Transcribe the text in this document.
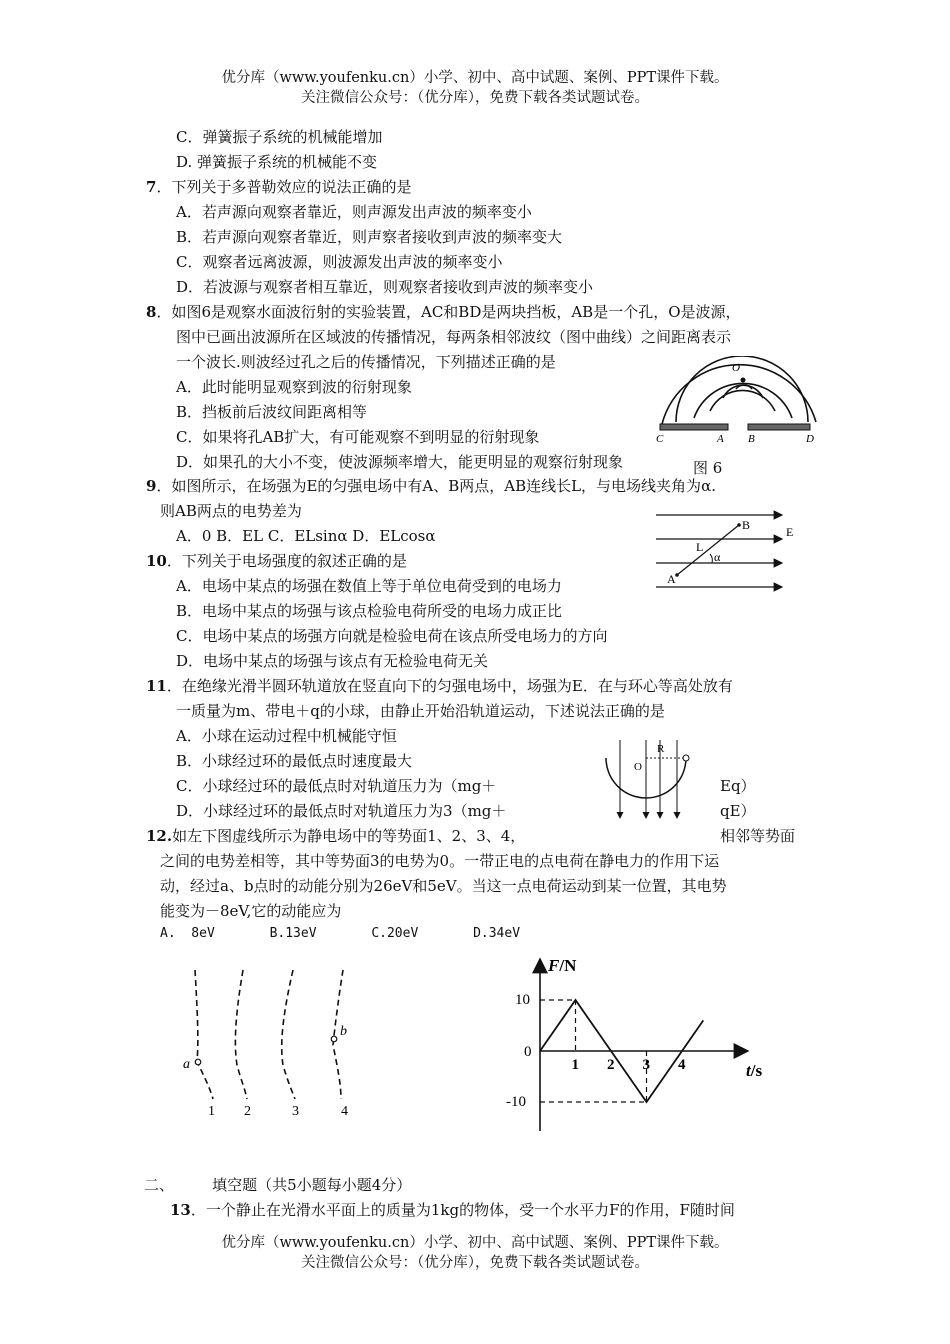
优分库（www.youfenku.cn）小学、初中、高中试题、案例、PPT课件下载。
关注微信公众号：（优分库），免费下载各类试题试卷。
C．弹簧振子系统的机械能增加
D. 弹簧振子系统的机械能不变
7．下列关于多普勒效应的说法正确的是
A．若声源向观察者靠近，则声源发出声波的频率变小
B．若声源向观察者靠近，则声察者接收到声波的频率变大
C．观察者远离波源，则波源发出声波的频率变小
D．若波源与观察者相互靠近，则观察者接收到声波的频率变小
8．如图6是观察水面波衍射的实验装置，AC和BD是两块挡板，AB是一个孔，O是波源，
图中已画出波源所在区域波的传播情况，每两条相邻波纹（图中曲线）之间距离表示
一个波长.则波经过孔之后的传播情况，下列描述正确的是
A．此时能明显观察到波的衍射现象
B．挡板前后波纹间距离相等
C．如果将孔AB扩大，有可能观察不到明显的衍射现象
D．如果孔的大小不变，使波源频率增大，能更明显的观察衍射现象
O
C	A B	D
图 6
9．如图所示，在场强为E的匀强电场中有A、B两点，AB连线长L，与电场线夹角为α.
则AB两点的电势差为
A．0 B．EL C．ELsinα D．ELcosα
B	E
L
α
A
10．下列关于电场强度的叙述正确的是
A．电场中某点的场强在数值上等于单位电荷受到的电场力
B．电场中某点的场强与该点检验电荷所受的电场力成正比
C．电场中某点的场强方向就是检验电荷在该点所受电场力的方向
D．电场中某点的场强与该点有无检验电荷无关
11．在绝缘光滑半圆环轨道放在竖直向下的匀强电场中，场强为E．在与环心等高处放有
一质量为m、带电＋q的小球，由静止开始沿轨道运动，下述说法正确的是
A．小球在运动过程中机械能守恒
B．小球经过环的最低点时速度最大
C．小球经过环的最低点时对轨道压力为（mg＋	Eq）
D．小球经过环的最低点时对轨道压力为3（mg＋	qE）
R
O
12.如左下图虚线所示为静电场中的等势面1、2、3、4，	相邻等势面
之间的电势差相等，其中等势面3的电势为0。一带正电的点电荷在静电力的作用下运
动，经过a、b点时的动能分别为26eV和5eV。当这一点电荷运动到某一位置，其电势
能变为－8eV,它的动能应为
A.  8eV       B.13eV       C.20eV       D.34eV
a
b
1 2	3	4
F/N
t/s
10
0
-10
1 2 3 4
二、        填空题（共5小题每小题4分）
13．一个静止在光滑水平面上的质量为1kg的物体，受一个水平力F的作用，F随时间
优分库（www.youfenku.cn）小学、初中、高中试题、案例、PPT课件下载。
关注微信公众号：（优分库），免费下载各类试题试卷。
